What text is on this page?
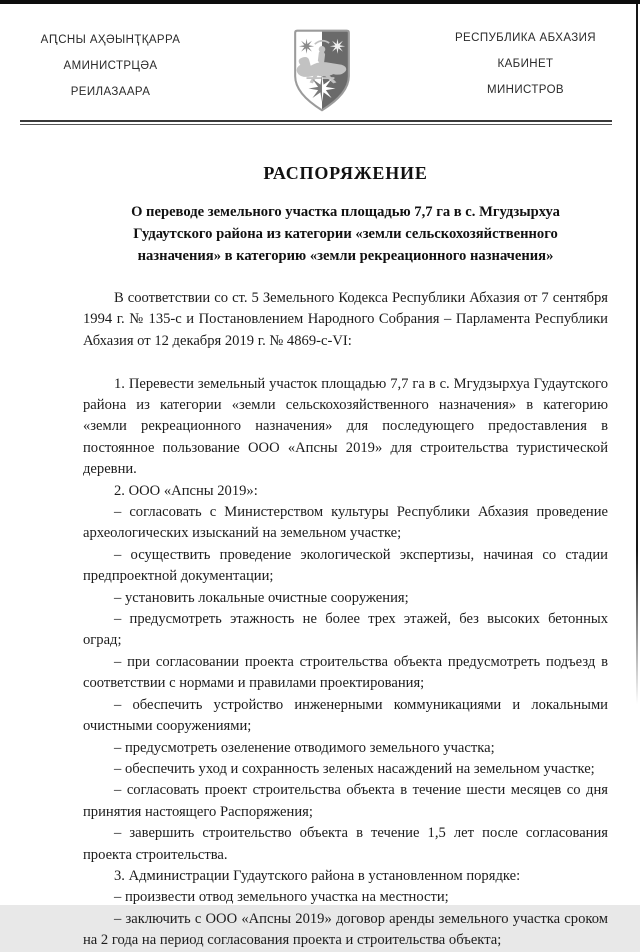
АԤСНЫ АҲӘЫНҬҚАРРА
АМИНИСТРЦӘА
РЕИЛАЗААРА
РЕСПУБЛИКА АБХАЗИЯ
КАБИНЕТ
МИНИСТРОВ
РАСПОРЯЖЕНИЕ
О переводе земельного участка площадью 7,7 га в с. Мгудзырхуа Гудаутского района из категории «земли сельскохозяйственного назначения» в категорию «земли рекреационного назначения»

В соответствии со ст. 5 Земельного Кодекса Республики Абхазия от 7 сентября 1994 г. № 135-с и Постановлением Народного Собрания – Парламента Республики Абхазия от 12 декабря 2019 г. № 4869-с-VI:

1. Перевести земельный участок площадью 7,7 га в с. Мгудзырхуа Гудаутского района из категории «земли сельскохозяйственного назначения» в категорию «земли рекреационного назначения» для последующего предоставления в постоянное пользование ООО «Апсны 2019» для строительства туристической деревни.

2. ООО «Апсны 2019»:

– согласовать с Министерством культуры Республики Абхазия проведение археологических изысканий на земельном участке;

– осуществить проведение экологической экспертизы, начиная со стадии предпроектной документации;

– установить локальные очистные сооружения;

– предусмотреть этажность не более трех этажей, без высоких бетонных оград;

– при согласовании проекта строительства объекта предусмотреть подъезд в соответствии с нормами и правилами проектирования;

– обеспечить устройство инженерными коммуникациями и локальными очистными сооружениями;

– предусмотреть озеленение отводимого земельного участка;

– обеспечить уход и сохранность зеленых насаждений на земельном участке;

– согласовать проект строительства объекта в течение шести месяцев со дня принятия настоящего Распоряжения;

– завершить строительство объекта в течение 1,5 лет после согласования проекта строительства.

3. Администрации Гудаутского района в установленном порядке:

– произвести отвод земельного участка на местности;

– заключить с ООО «Апсны 2019» договор аренды земельного участка сроком на 2 года на период согласования проекта и строительства объекта;
